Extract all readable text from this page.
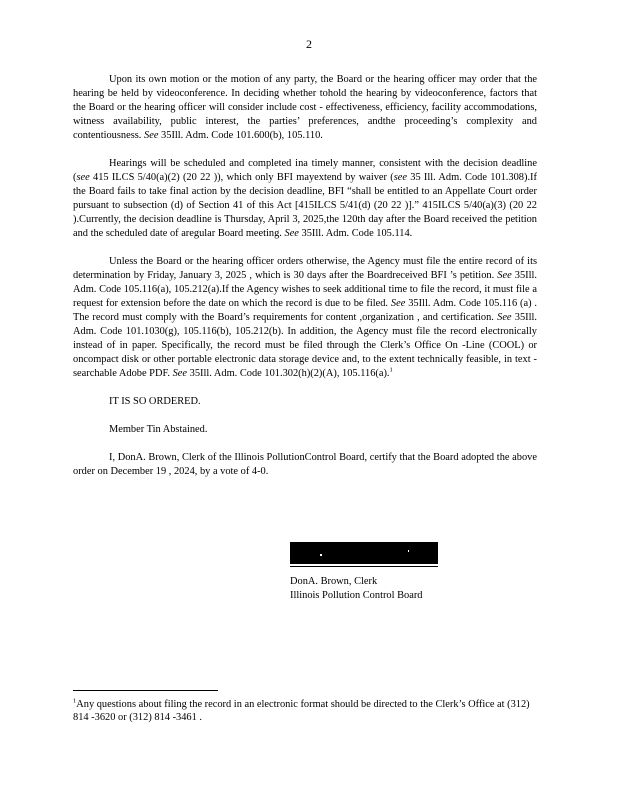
2

Upon its own motion or the motion of any party, the Board or the hearing officer may order that the hearing be held by videoconference. In deciding whether tohold the hearing by videoconference, factors that the Board or the hearing officer will consider include cost - effectiveness, efficiency, facility accommodations, witness availability, public interest, the parties’ preferences, andthe proceeding’s complexity and contentiousness. See 35Ill. Adm. Code 101.600(b), 105.110.

Hearings will be scheduled and completed ina timely manner, consistent with the decision deadline (see 415 ILCS 5/40(a)(2) (20 22 )), which only BFI mayextend by waiver (see 35 Ill. Adm. Code 101.308).If the Board fails to take final action by the decision deadline, BFI “shall be entitled to an Appellate Court order pursuant to subsection (d) of Section 41 of this Act [415ILCS 5/41(d) (20 22 )].” 415ILCS 5/40(a)(3) (20 22 ).Currently, the decision deadline is Thursday, April 3, 2025,the 120th day after the Board received the petition and the scheduled date of aregular Board meeting. See 35Ill. Adm. Code 105.114.

Unless the Board or the hearing officer orders otherwise, the Agency must file the entire record of its determination by Friday, January 3, 2025 , which is 30 days after the Boardreceived BFI ’s petition. See 35Ill. Adm. Code 105.116(a), 105.212(a).If the Agency wishes to seek additional time to file the record, it must file a request for extension before the date on which the record is due to be filed. See 35Ill. Adm. Code 105.116 (a) . The record must comply with the Board’s requirements for content ,organization , and certification. See 35Ill. Adm. Code 101.1030(g), 105.116(b), 105.212(b). In addition, the Agency must file the record electronically instead of in paper. Specifically, the record must be filed through the Clerk’s Office On -Line (COOL) or oncompact disk or other portable electronic data storage device and, to the extent technically feasible, in text -searchable Adobe PDF. See 35Ill. Adm. Code 101.302(h)(2)(A), 105.116(a).$^1$

IT IS SO ORDERED.

Member Tin Abstained.

I, DonA. Brown, Clerk of the Illinois PollutionControl Board, certify that the Board adopted the above order on December 19 , 2024, by a vote of 4-0.

DonA. Brown, Clerk
Illinois Pollution Control Board
$^1$Any questions about filing the record in an electronic format should be directed to the Clerk’s Office at (312) 814 -3620 or (312) 814 -3461 .
